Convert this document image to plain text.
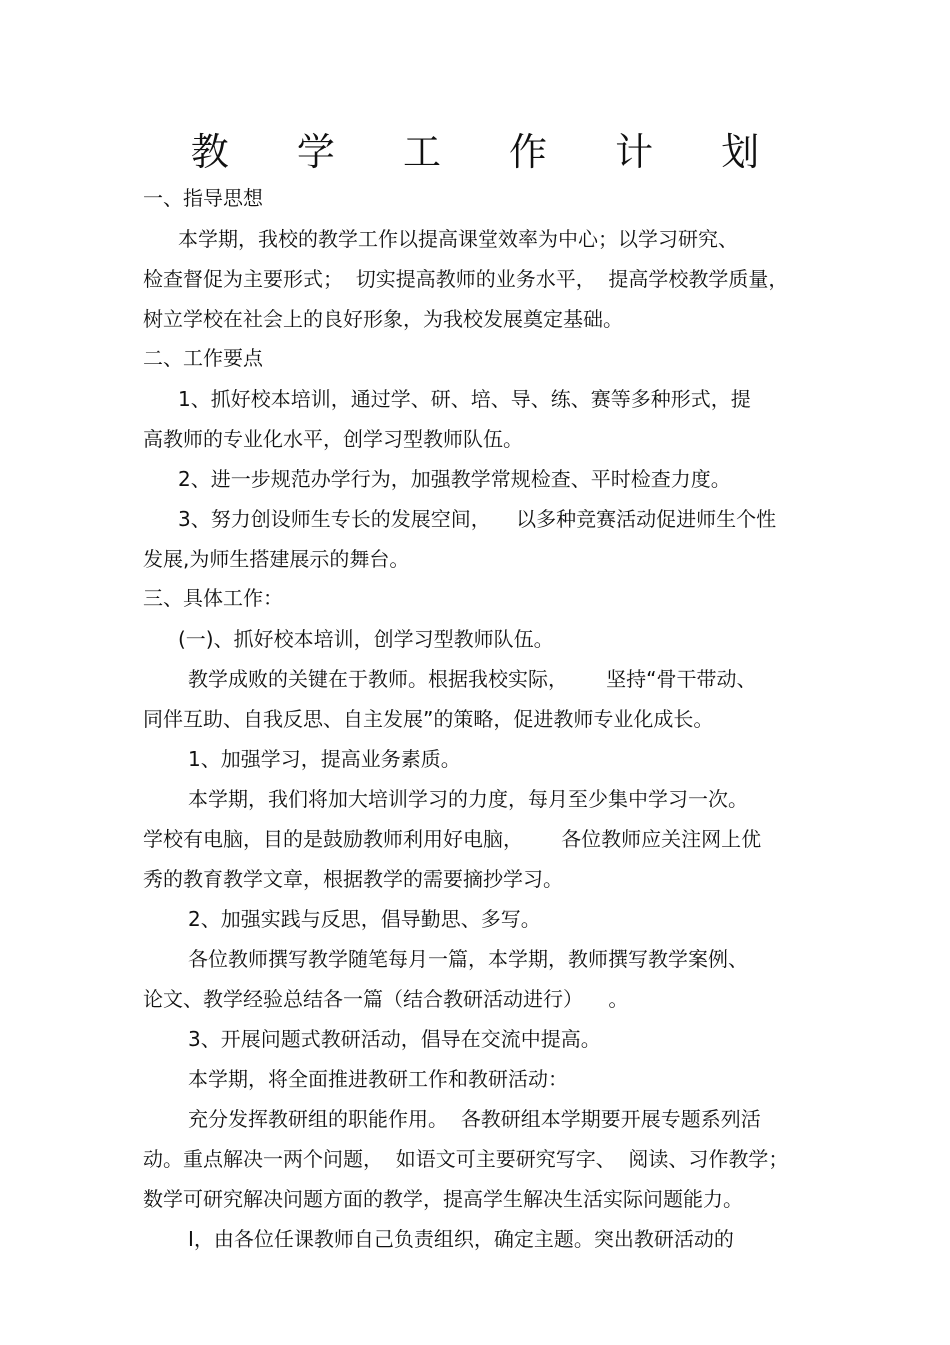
教 学 工 作 计 划
一、指导思想
本学期，我校的教学工作以提高课堂效率为中心；以学习研究、
检查督促为主要形式；  切实提高教师的业务水平，  提高学校教学质量，
树立学校在社会上的良好形象，为我校发展奠定基础。
二、工作要点
1、抓好校本培训，通过学、研、培、导、练、赛等多种形式，提
高教师的专业化水平，创学习型教师队伍。
2、进一步规范办学行为，加强教学常规检查、平时检查力度。
3、努力创设师生专长的发展空间，    以多种竞赛活动促进师生个性
发展,为师生搭建展示的舞台。
三、具体工作：
(一)、抓好校本培训，创学习型教师队伍。
教学成败的关键在于教师。根据我校实际，      坚持“骨干带动、
同伴互助、自我反思、自主发展”的策略，促进教师专业化成长。
1、加强学习，提高业务素质。
本学期，我们将加大培训学习的力度，每月至少集中学习一次。
学校有电脑，目的是鼓励教师利用好电脑，      各位教师应关注网上优
秀的教育教学文章，根据教学的需要摘抄学习。
2、加强实践与反思，倡导勤思、多写。
各位教师撰写教学随笔每月一篇，本学期，教师撰写教学案例、
论文、教学经验总结各一篇（结合教研活动进行）    。
3、开展问题式教研活动，倡导在交流中提高。
本学期，将全面推进教研工作和教研活动：
充分发挥教研组的职能作用。  各教研组本学期要开展专题系列活
动。重点解决一两个问题，  如语文可主要研究写字、  阅读、习作教学；
数学可研究解决问题方面的教学，提高学生解决生活实际问题能力。
Ⅰ，由各位任课教师自己负责组织，确定主题。突出教研活动的
